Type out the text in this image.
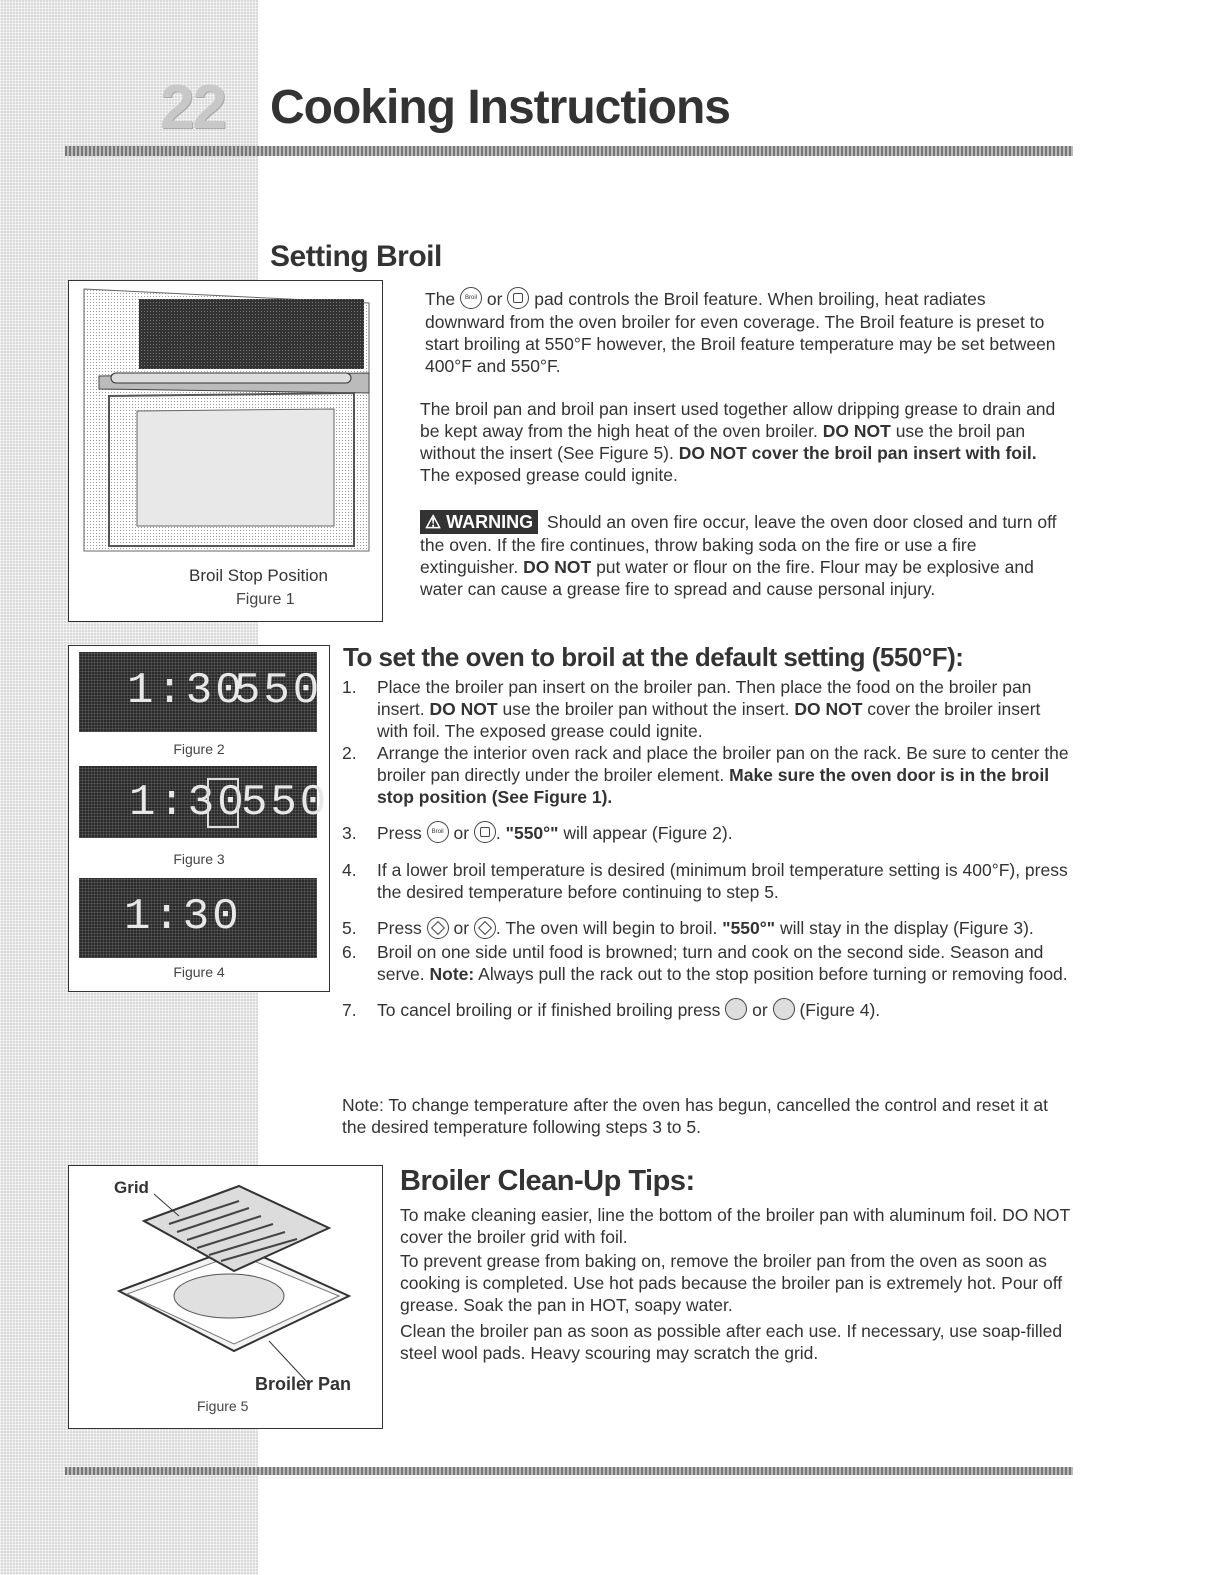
22 Cooking Instructions
Setting Broil
Broil Stop Position
Figure 1
The Broil or pad controls the Broil feature. When broiling, heat radiates downward from the oven broiler for even coverage. The Broil feature is preset to start broiling at 550°F however, the Broil feature temperature may be set between 400°F and 550°F.
The broil pan and broil pan insert used together allow dripping grease to drain and be kept away from the high heat of the oven broiler. DO NOT use the broil pan without the insert (See Figure 5). DO NOT cover the broil pan insert with foil. The exposed grease could ignite.
⚠ WARNING Should an oven fire occur, leave the oven door closed and turn off the oven. If the fire continues, throw baking soda on the fire or use a fire extinguisher. DO NOT put water or flour on the fire. Flour may be explosive and water can cause a grease fire to spread and cause personal injury.
1:30
550
Figure 2
1:30
550
Figure 3
1:30
Figure 4
To set the oven to broil at the default setting (550°F):
1. Place the broiler pan insert on the broiler pan. Then place the food on the broiler pan insert. DO NOT use the broiler pan without the insert. DO NOT cover the broiler insert with foil. The exposed grease could ignite.
2. Arrange the interior oven rack and place the broiler pan on the rack. Be sure to center the broiler pan directly under the broiler element. Make sure the oven door is in the broil stop position (See Figure 1).
3. Press Broil or . "550°" will appear (Figure 2).
4. If a lower broil temperature is desired (minimum broil temperature setting is 400°F), press the desired temperature before continuing to step 5.
5. Press or . The oven will begin to broil. "550°" will stay in the display (Figure 3).
6. Broil on one side until food is browned; turn and cook on the second side. Season and serve. Note: Always pull the rack out to the stop position before turning or removing food.
7. To cancel broiling or if finished broiling press or (Figure 4).
Note: To change temperature after the oven has begun, cancelled the control and reset it at the desired temperature following steps 3 to 5.
Grid
Broiler Pan
Figure 5
Broiler Clean-Up Tips:
To make cleaning easier, line the bottom of the broiler pan with aluminum foil. DO NOT cover the broiler grid with foil.
To prevent grease from baking on, remove the broiler pan from the oven as soon as cooking is completed. Use hot pads because the broiler pan is extremely hot. Pour off grease. Soak the pan in HOT, soapy water.
Clean the broiler pan as soon as possible after each use. If necessary, use soap-filled steel wool pads. Heavy scouring may scratch the grid.
